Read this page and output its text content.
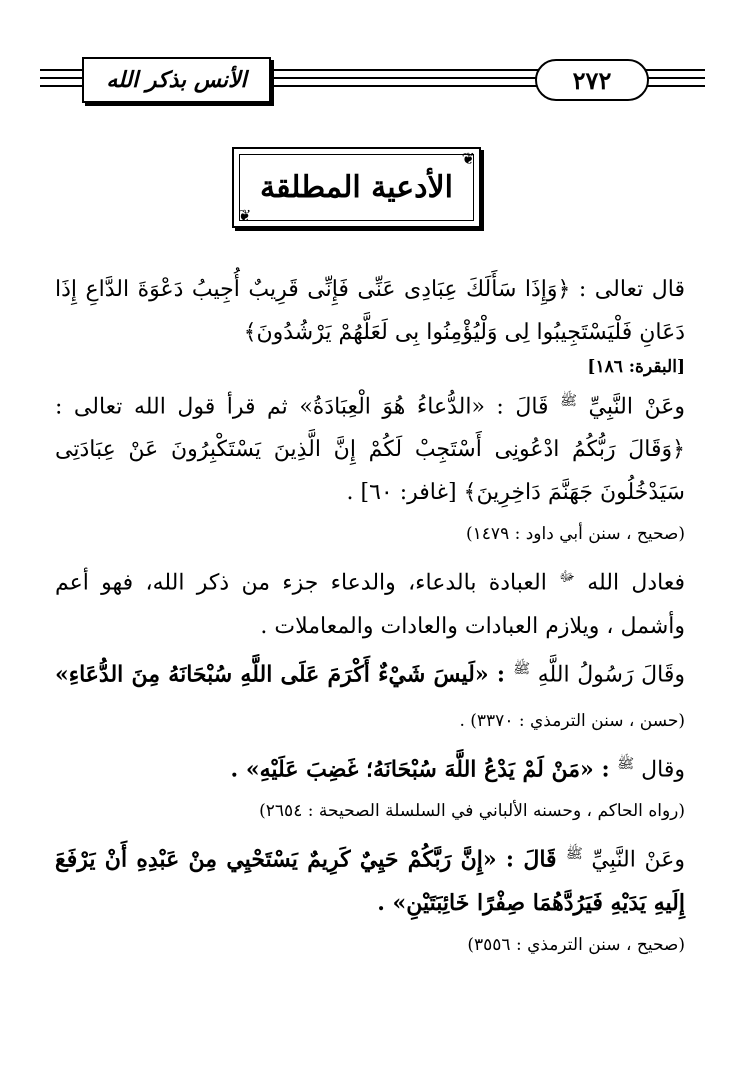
الأنس بذكر الله	٢٧٢
الأدعية المطلقة
❦
❦

قال تعالى : ﴿وَإِذَا سَأَلَكَ عِبَادِى عَنِّى فَإِنِّى قَرِيبٌ أُجِيبُ دَعْوَةَ الدَّاعِ إِذَا دَعَانِ فَلْيَسْتَجِيبُوا لِى وَلْيُؤْمِنُوا بِى لَعَلَّهُمْ يَرْشُدُونَ﴾

[البقرة: ١٨٦]

وعَنْ النَّبِيِّ $^ﷺ$ قَالَ : «الدُّعاءُ هُوَ الْعِبَادَةُ» ثم قرأ قول الله تعالى : ﴿وَقَالَ رَبُّكُمُ ادْعُونِى أَسْتَجِبْ لَكُمْ إِنَّ الَّذِينَ يَسْتَكْبِرُونَ عَنْ عِبَادَتِى سَيَدْخُلُونَ جَهَنَّمَ دَاخِرِينَ﴾ [غافر: ٦٠] .

(صحيح ، سنن أبي داود : ١٤٧٩)

فعادل الله $^ﷻ$ العبادة بالدعاء، والدعاء جزء من ذكر الله، فهو أعم وأشمل ، ويلازم العبادات والعادات والمعاملات .

وقَالَ رَسُولُ اللَّهِ $^ﷺ$ : «لَيسَ شَيْءٌ أَكْرَمَ عَلَى اللَّهِ سُبْحَانَهُ مِنَ الدُّعَاءِ» (حسن ، سنن الترمذي : ٣٣٧٠) .

وقال $^ﷺ$ : «مَنْ لَمْ يَدْعُ اللَّهَ سُبْحَانَهُ؛ غَضِبَ عَلَيْهِ» .

(رواه الحاكم ، وحسنه الألباني في السلسلة الصحيحة : ٢٦٥٤)

وعَنْ النَّبِيِّ $^ﷺ$ قَالَ : «إِنَّ رَبَّكُمْ حَيِيٌ كَرِيمٌ يَسْتَحْيِي مِنْ عَبْدِهِ أَنْ يَرْفَعَ إِلَيهِ يَدَيْهِ فَيَرُدَّهُمَا صِفْرًا خَائِبَتَيْنِ» .

(صحيح ، سنن الترمذي : ٣٥٥٦)
